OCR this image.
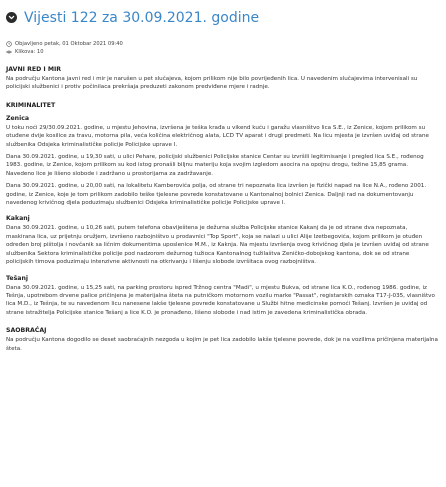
Vijesti 122 za 30.09.2021. godine
Objavljeno petak, 01 Oktobar 2021 09:40
Klikova: 10
JAVNI RED I MIR

Na području Kantona javni red i mir je narušen u pet slučajeva, kojom prilikom nije bilo povrijeđenih lica. U navedenim slučajevima intervenisali su policijski službenici i protiv počinilaca prekršaja preduzeti zakonom predviđene mjere i radnje.

KRIMINALITET
Zenica

U toku noći 29/30.09.2021. godine, u mjestu Jehovina, izvršena je teška krađa u vikend kuću i garažu vlasništvo lica S.E., iz Zenice, kojom prilikom su otuđene dvije kosilice za travu, motorna pila, veća količina električnog alata, LCD TV aparat i drugi predmeti. Na licu mjesta je izvršen uviđaj od strane službenika Odsjeka kriminalističke policije Policijske uprave I.

Dana 30.09.2021. godine, u 19,30 sati, u ulici Pehare, policijski službenici Policijske stanice Centar su izvršili legitimisanje i pregled lica S.E., rođenog 1983. godine, iz Zenice, kojom prilikom su kod istog pronašli biljnu materiju koja svojim izgledom asocira na opojnu drogu, težine 15,85 grama. Navedeno lice je lišeno slobode i zadržano u prostorijama za zadržavanje.

Dana 30.09.2021. godine, u 20,00 sati, na lokalitetu Kamberovića polja, od strane tri nepoznata lica izvršen je fizički napad na lice N.A., rođeno 2001. godine, iz Zenice, koje je tom prilikom zadobilo teške tjelesne povrede konstatovane u Kantonalnoj bolnici Zenica. Daljnji rad na dokumentovanju navedenog krivičnog djela poduzimaju službenici Odsjeka kriminalističke policije Policijske uprave I.

Kakanj

Dana 30.09.2021. godine, u 10,26 sati, putem telefona obaviještena je dežurna služba Policijske stanice Kakanj da je od strane dva nepoznata, maskirana lica, uz prijetnju oružjem, izvršeno razbojništvo u prodavnici "Top Sport", koja se nalazi u ulici Alije Izetbegovića, kojom prilikom je otuđen određen broj pištolja i novčanik sa ličnim dokumentima uposlenice M.M., iz Kaknja. Na mjestu izvršenja ovog krivičnog djela je izvršen uviđaj od strane službenika Sektora kriminalističke policije pod nadzorom dežurnog tužioca Kantonalnog tužilaštva Zeničko-dobojskog kantona, dok se od strane policijskih timova poduzimaju intenzivne aktivnosti na otkrivanju i lišenju slobode izvršitaca ovog razbojništva.

Tešanj

Dana 30.09.2021. godine, u 15,25 sati, na parking prostoru ispred Tržnog centra "Madi", u mjestu Bukva, od strane lica K.O., rođenog 1986. godine, iz Tešnja, upotrebom drvene palice pričinjena je materijalna šteta na putničkom motornom vozilu marke "Passat", registarskih oznaka T17-J-035, vlasništvo lica M.D., iz Tešnja, te su navedenom licu nanesene lakše tjelesne povrede konstatovane u Službi hitne medicinske pomoći Tešanj. Izvršen je uviđaj od strane istražitelja Policijske stanice Tešanj a lice K.O. je pronađeno, lišeno slobode i nad istim je zavedena kriminalistička obrada.

SAOBRAĆAJ

Na području Kantona dogodilo se deset saobraćajnih nezgoda u kojim je pet lica zadobilo lakše tjelesne povrede, dok je na vozilima pričinjena materijalna šteta.
